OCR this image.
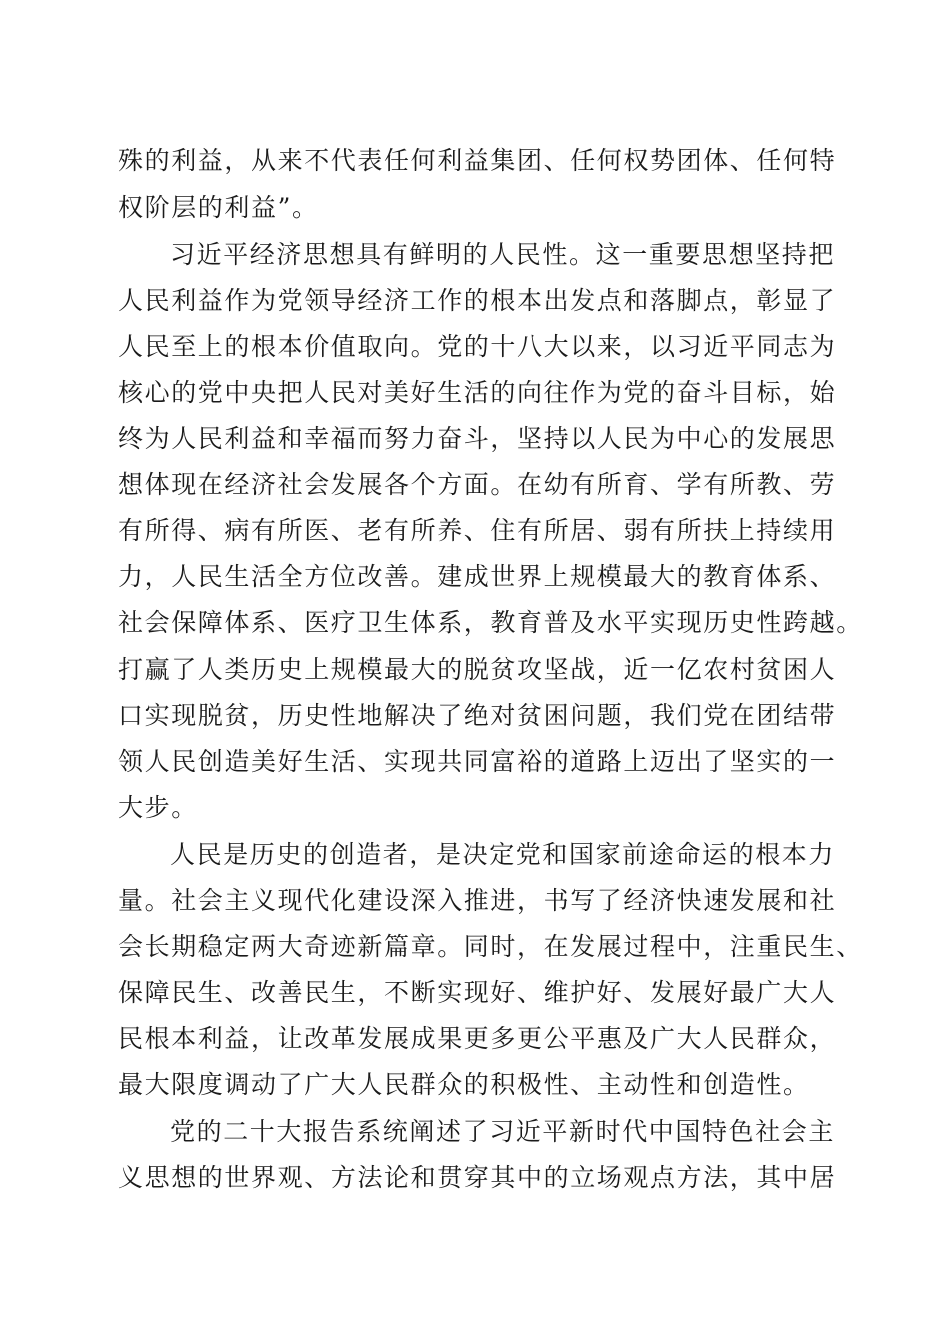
殊的利益，从来不代表任何利益集团、任何权势团体、任何特
权阶层的利益”。
习近平经济思想具有鲜明的人民性。这一重要思想坚持把
人民利益作为党领导经济工作的根本出发点和落脚点，彰显了
人民至上的根本价值取向。党的十八大以来，以习近平同志为
核心的党中央把人民对美好生活的向往作为党的奋斗目标，始
终为人民利益和幸福而努力奋斗，坚持以人民为中心的发展思
想体现在经济社会发展各个方面。在幼有所育、学有所教、劳
有所得、病有所医、老有所养、住有所居、弱有所扶上持续用
力，人民生活全方位改善。建成世界上规模最大的教育体系、
社会保障体系、医疗卫生体系，教育普及水平实现历史性跨越。
打赢了人类历史上规模最大的脱贫攻坚战，近一亿农村贫困人
口实现脱贫，历史性地解决了绝对贫困问题，我们党在团结带
领人民创造美好生活、实现共同富裕的道路上迈出了坚实的一
大步。
人民是历史的创造者，是决定党和国家前途命运的根本力
量。社会主义现代化建设深入推进，书写了经济快速发展和社
会长期稳定两大奇迹新篇章。同时，在发展过程中，注重民生、
保障民生、改善民生，不断实现好、维护好、发展好最广大人
民根本利益，让改革发展成果更多更公平惠及广大人民群众，
最大限度调动了广大人民群众的积极性、主动性和创造性。
党的二十大报告系统阐述了习近平新时代中国特色社会主
义思想的世界观、方法论和贯穿其中的立场观点方法，其中居
